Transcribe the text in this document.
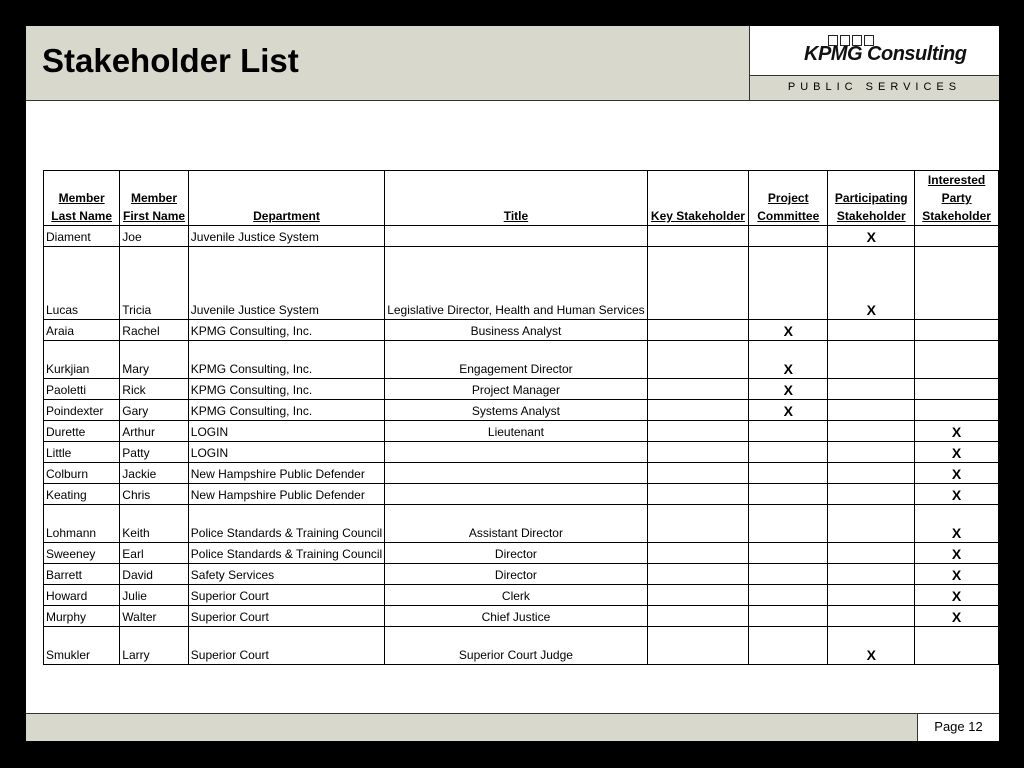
Stakeholder List	KPMG Consulting
PUBLIC SERVICES
Member Last Name	Member First Name	Department	Title	Key Stakeholder	Project Committee	Participating Stakeholder	Interested Party Stakeholder
Diament	Joe	Juvenile Justice System				X	
Lucas	Tricia	Juvenile Justice System	Legislative Director, Health and Human Services			X	
Araia	Rachel	KPMG Consulting, Inc.	Business Analyst		X		
Kurkjian	Mary	KPMG Consulting, Inc.	Engagement Director		X		
Paoletti	Rick	KPMG Consulting, Inc.	Project Manager		X		
Poindexter	Gary	KPMG Consulting, Inc.	Systems Analyst		X		
Durette	Arthur	LOGIN	Lieutenant				X
Little	Patty	LOGIN					X
Colburn	Jackie	New Hampshire Public Defender					X
Keating	Chris	New Hampshire Public Defender					X
Lohmann	Keith	Police Standards & Training Council	Assistant Director				X
Sweeney	Earl	Police Standards & Training Council	Director				X
Barrett	David	Safety Services	Director				X
Howard	Julie	Superior Court	Clerk				X
Murphy	Walter	Superior Court	Chief Justice				X
Smukler	Larry	Superior Court	Superior Court Judge			X	
Page 12
